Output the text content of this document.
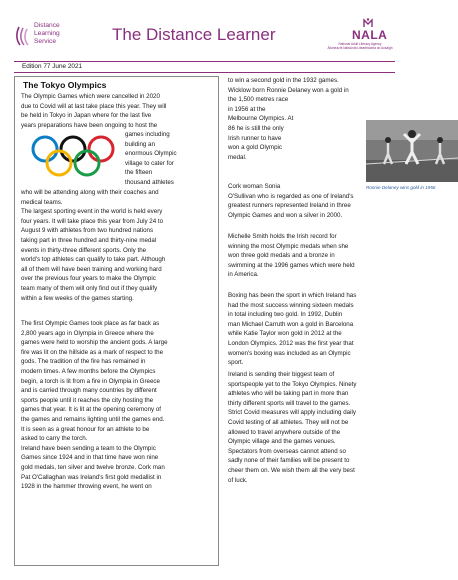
Distance
Learning
Service	The Distance Learner	NALA
National Adult Literacy Agency
Áisíneacht Náisiúnta Litearthachta do Aosaigh
Edition 77 June 2021
The Tokyo Olympics
The Olympic Games which were cancelled in 2020
due to Covid will at last take place this year. They will
be held in Tokyo in Japan where for the last five
years preparations have been ongoing to host the
games including
building an
enormous Olympic
village to cater for
the fifteen
thousand athletes
who will be attending along with their coaches and
medical teams.
The largest sporting event in the world is held every
four years. It will take place this year from July 24 to
August 9 with athletes from two hundred nations
taking part in three hundred and thirty-nine medal
events in thirty-three different sports. Only the
world's top athletes can qualify to take part. Although
all of them will have been training and working hard
over the previous four years to make the Olympic
team many of them will only find out if they qualify
within a few weeks of the games starting.
The first Olympic Games took place as far back as
2,800 years ago in Olympia in Greece where the
games were held to worship the ancient gods. A large
fire was lit on the hillside as a mark of respect to the
gods. The tradition of the fire has remained in
modern times. A few months before the Olympics
begin, a torch is lit from a fire in Olympia in Greece
and is carried through many countries by different
sports people until it reaches the city hosting the
games that year. It is lit at the opening ceremony of
the games and remains lighting until the games end.
It is seen as a great honour for an athlete to be
asked to carry the torch.
Ireland have been sending a team to the Olympic
Games since 1924 and in that time have won nine
gold medals, ten silver and twelve bronze. Cork man
Pat O'Callaghan was Ireland's first gold medallist in
1928 in the hammer throwing event, he went on
to win a second gold in the 1932 games.
Wicklow born Ronnie Delaney won a gold in
the 1,500 metres race
in 1956 at the
Melbourne Olympics. At
86 he is still the only
Irish runner to have
won a gold Olympic
medal.
Ronnie Delaney wins gold in 1956
Cork woman Sonia
O'Sullivan who is regarded as one of Ireland's
greatest runners represented Ireland in three
Olympic Games and won a silver in 2000.
Michelle Smith holds the Irish record for
winning the most Olympic medals when she
won three gold medals and a bronze in
swimming at the 1996 games which were held
in America.
Boxing has been the sport in which Ireland has
had the most success winning sixteen medals
in total including two gold. In 1992, Dublin
man Michael Carruth won a gold in Barcelona
while Katie Taylor won gold in 2012 at the
London Olympics. 2012 was the first year that
women's boxing was included as an Olympic
sport.
Ireland is sending their biggest team of
sportspeople yet to the Tokyo Olympics. Ninety
athletes who will be taking part in more than
thirty different sports will travel to the games.
Strict Covid measures will apply including daily
Covid testing of all athletes. They will not be
allowed to travel anywhere outside of the
Olympic village and the games venues.
Spectators from overseas cannot attend so
sadly none of their families will be present to
cheer them on. We wish them all the very best
of luck.
